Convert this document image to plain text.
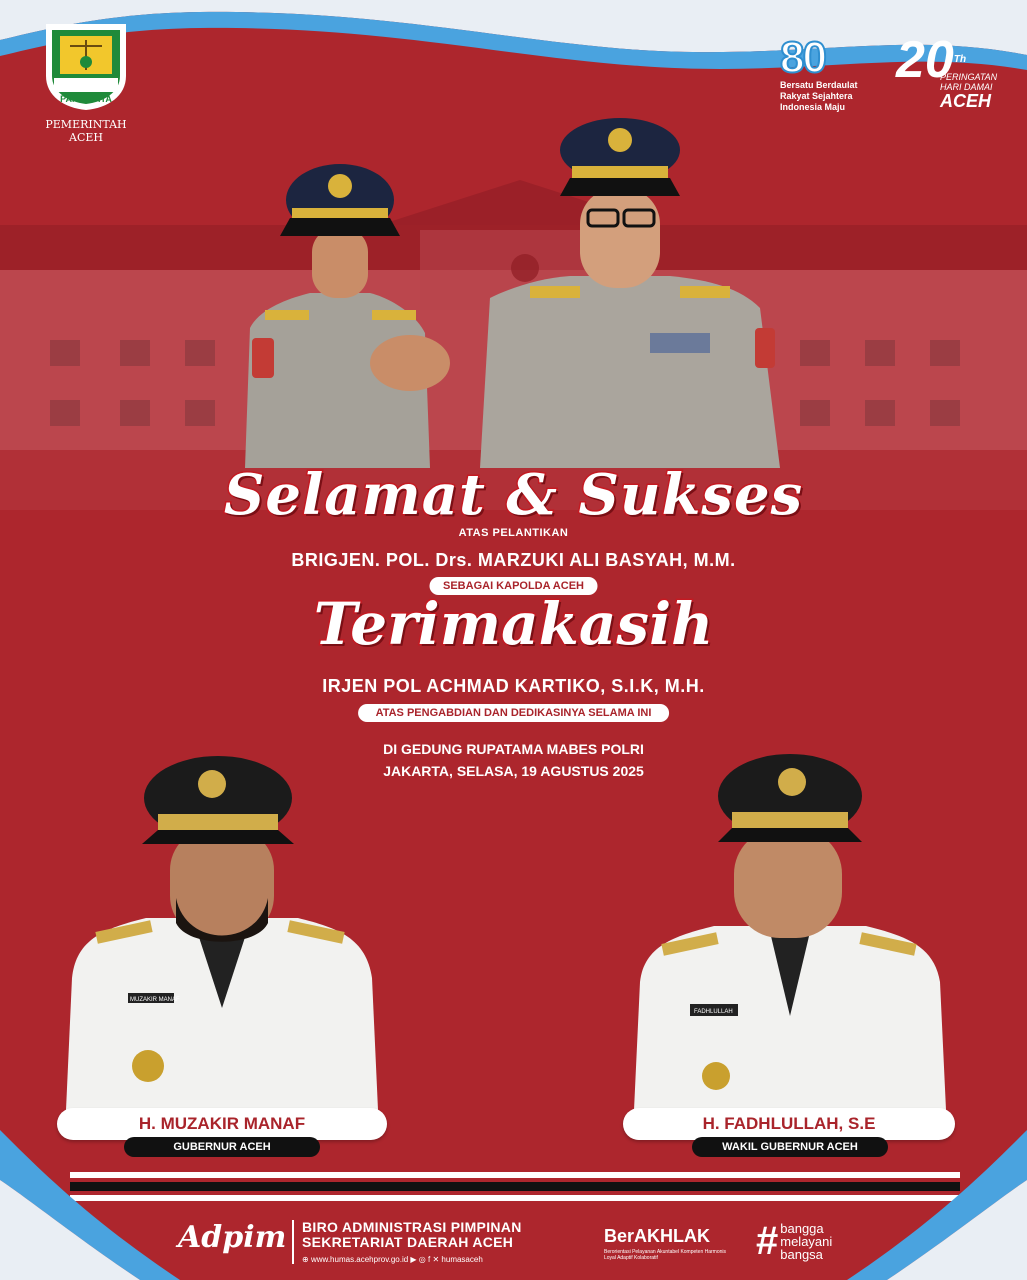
PANCACITA
PEMERINTAH ACEH
80
Bersatu Berdaulat
Rakyat Sejahtera
Indonesia Maju
20Th
PERINGATAN
HARI DAMAI
ACEH
Selamat & Sukses
ATAS PELANTIKAN
BRIGJEN. POL. Drs. MARZUKI ALI BASYAH, M.M.
SEBAGAI KAPOLDA ACEH
Terimakasih
IRJEN POL ACHMAD KARTIKO, S.I.K, M.H.
ATAS PENGABDIAN DAN DEDIKASINYA SELAMA INI
DI GEDUNG RUPATAMA MABES POLRI
JAKARTA, SELASA, 19 AGUSTUS 2025
MUZAKIR MANAF
FADHLULLAH
H. MUZAKIR MANAF
GUBERNUR ACEH
H. FADHLULLAH, S.E
WAKIL GUBERNUR ACEH
Adpim BIRO ADMINISTRASI PIMPINAN
SEKRETARIAT DAERAH ACEH
⊕ www.humas.acehprov.go.id ▶ ◎ f ✕ humasaceh
BerAKHLAK
Berorientasi Pelayanan Akuntabel Kompeten Harmonis Loyal Adaptif Kolaboratif	# bangga
melayani
bangsa
